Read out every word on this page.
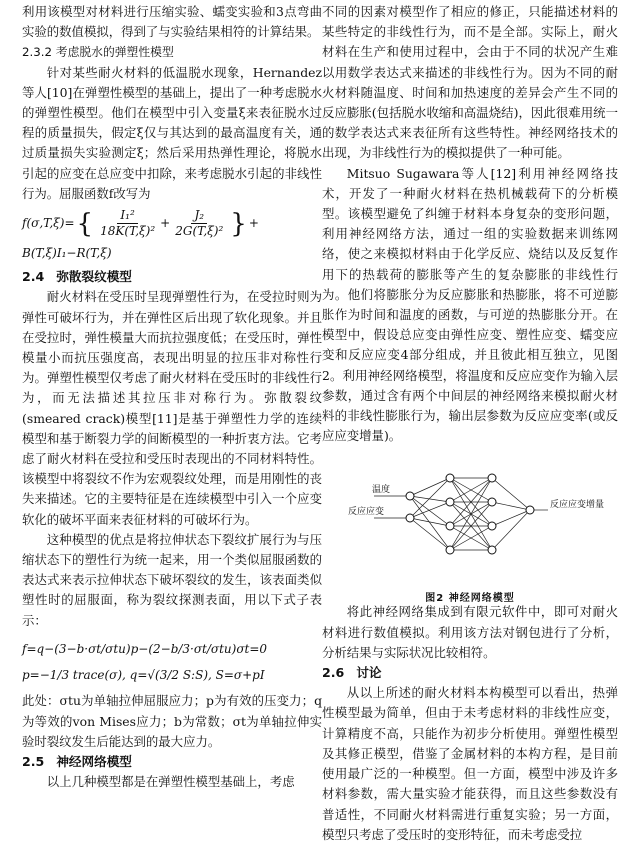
利用该模型对材料进行压缩实验、蠕变实验和3点弯曲实验的数值模拟，得到了与实验结果相符的计算结果。

2.3.2 考虑脱水的弹塑性模型

针对某些耐火材料的低温脱水现象，Hernandez等人[10]在弹塑性模型的基础上，提出了一种考虑脱水的弹塑性模型。他们在模型中引入变量ξ来表征脱水过程的质量损失，假定ξ仅与其达到的最高温度有关，通过质量损失实验测定ξ；然后采用热弹性理论，将脱水引起的应变在总应变中扣除，来考虑脱水引起的非线性行为。屈服函数f改写为

f(σ,T,ξ)= { $\frac{\text{I₁²}}{\text{18K(T,ξ)²}} + \frac{\text{J₂}}{\text{2G(T,ξ)²}}$ } +
B(T,ξ)I₁−R(T,ξ)

2.4 弥散裂纹模型

耐火材料在受压时呈现弹塑性行为，在受拉时则为弹性可破坏行为，并在弹性区后出现了软化现象。并且在受拉时，弹性模量大而抗拉强度低；在受压时，弹性模量小而抗压强度高，表现出明显的拉压非对称性行为。弹塑性模型仅考虑了耐火材料在受压时的非线性行为，而无法描述其拉压非对称行为。弥散裂纹(smeared crack)模型[11]是基于弹塑性力学的连续模型和基于断裂力学的间断模型的一种折衷方法。它考虑了耐火材料在受拉和受压时表现出的不同材料特性。该模型中将裂纹不作为宏观裂纹处理，而是用刚性的丧失来描述。它的主要特征是在连续模型中引入一个应变软化的破坏平面来表征材料的可破坏行为。

这种模型的优点是将拉伸状态下裂纹扩展行为与压缩状态下的塑性行为统一起来，用一个类似屈服函数的表达式来表示拉伸状态下破坏裂纹的发生，该表面类似塑性时的屈服面，称为裂纹探测表面，用以下式子表示：

f=q−(3−b·σt/σtu)p−(2−b/3·σt/σtu)σt=0
p=−1/3 trace(σ), q=√(3/2 S:S), S=σ+pI

此处：σtu为单轴拉伸屈服应力；p为有效的压变力；q为等效的von Mises应力；b为常数；σt为单轴拉伸实验时裂纹发生后能达到的最大应力。

2.5 神经网络模型

以上几种模型都是在弹塑性模型基础上，考虑

不同的因素对模型作了相应的修正，只能描述材料的某些特定的非线性行为，而不是全部。实际上，耐火材料在生产和使用过程中，会由于不同的状况产生难以用数学表达式来描述的非线性行为。因为不同的耐火材料随温度、时间和加热速度的差异会产生不同的反应膨胀(包括脱水收缩和高温烧结)，因此很难用统一的数学表达式来表征所有这些特性。神经网络技术的出现，为非线性行为的模拟提供了一种可能。

Mitsuo Sugawara等人[12]利用神经网络技术，开发了一种耐火材料在热机械载荷下的分析模型。该模型避免了纠缠于材料本身复杂的变形问题，利用神经网络方法，通过一组的实验数据来训练网络，使之来模拟材料由于化学反应、烧结以及反复作用下的热载荷的膨胀等产生的复杂膨胀的非线性行为。他们将膨胀分为反应膨胀和热膨胀，将不可逆膨胀作为时间和温度的函数，与可逆的热膨胀分开。在模型中，假设总应变由弹性应变、塑性应变、蠕变应变和反应应变4部分组成，并且彼此相互独立，见图2。利用神经网络模型，将温度和反应应变作为输入层参数，通过含有两个中间层的神经网络来模拟耐火材料的非线性膨胀行为，输出层参数为反应应变率(或反应应变增量)。

温度
反应应变
反应应变增量

图2 神经网络模型

将此神经网络集成到有限元软件中，即可对耐火材料进行数值模拟。利用该方法对钢包进行了分析，分析结果与实际状况比较相符。

2.6 讨论

从以上所述的耐火材料本构模型可以看出，热弹性模型最为简单，但由于未考虑材料的非线性应变，计算精度不高，只能作为初步分析使用。弹塑性模型及其修正模型，借鉴了金属材料的本构方程，是目前使用最广泛的一种模型。但一方面，模型中涉及许多材料参数，需大量实验才能获得，而且这些参数没有普适性，不同耐火材料需进行重复实验；另一方面，模型只考虑了受压时的变形特征，而未考虑受拉
